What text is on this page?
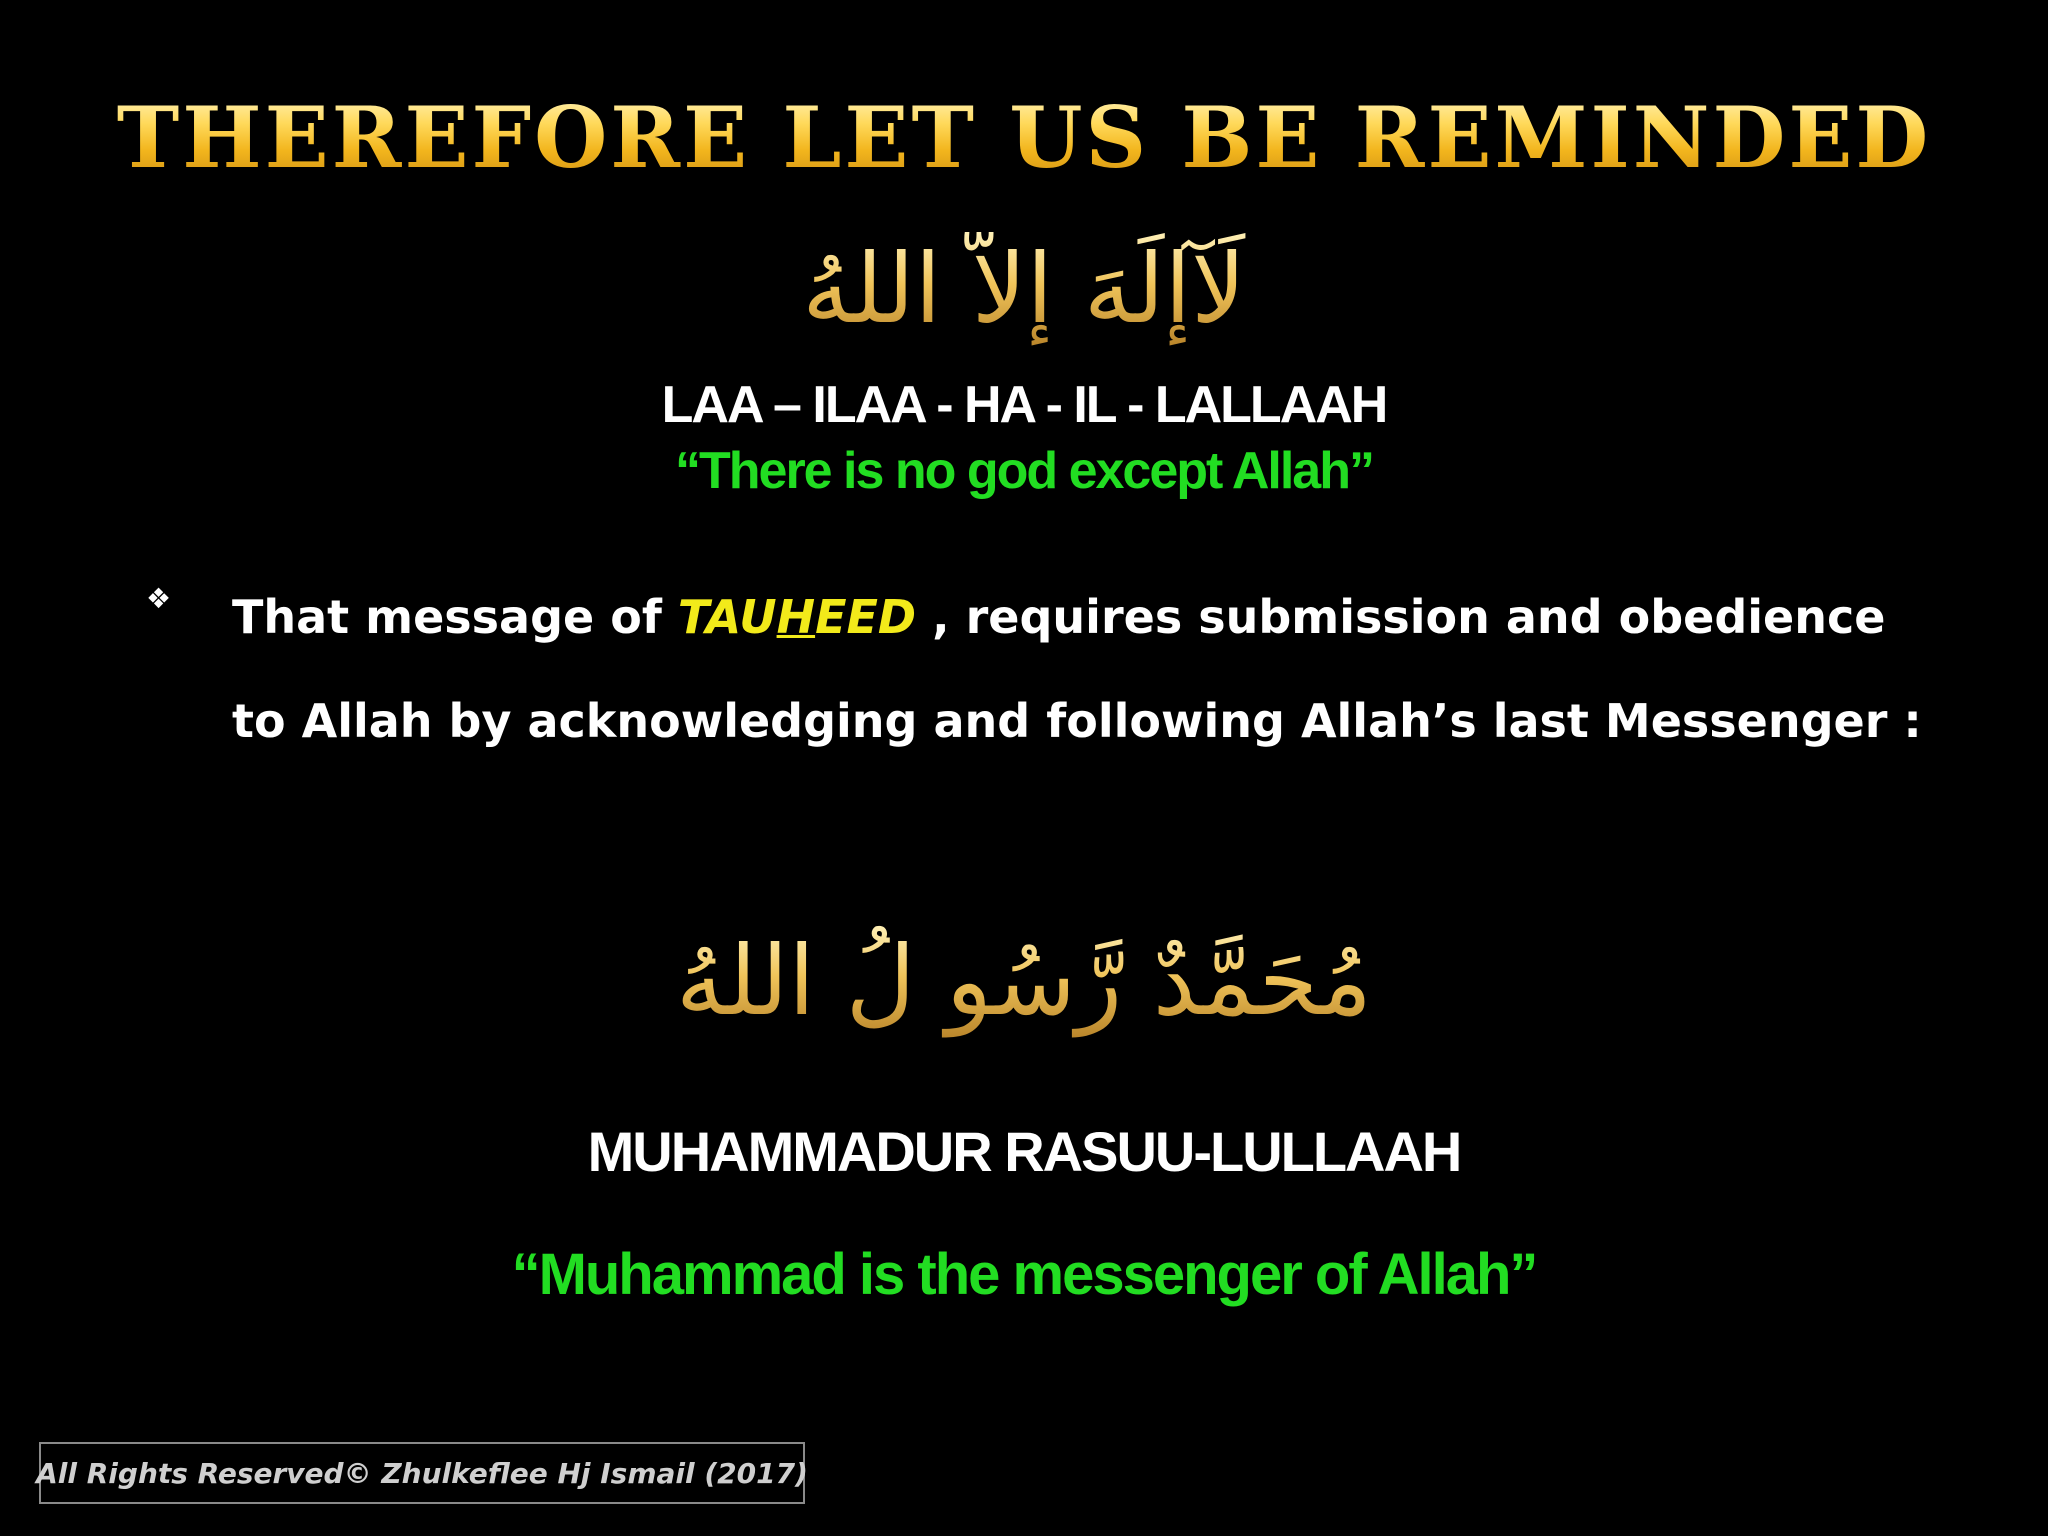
THEREFORE LET US BE REMINDED
لَآإِلَهَ إِلاَّ اللهُ
LAA – ILAA - HA - IL - LALLAAH
“There is no god except Allah”
❖ That message of TAUHEED , requires submission and obedience to Allah by acknowledging and following Allah’s last Messenger :
مُحَمَّدٌ رَّسُو لُ اللهُ
MUHAMMADUR RASUU-LULLAAH
“Muhammad is the messenger of Allah”
All Rights Reserved© Zhulkeflee Hj Ismail (2017)
